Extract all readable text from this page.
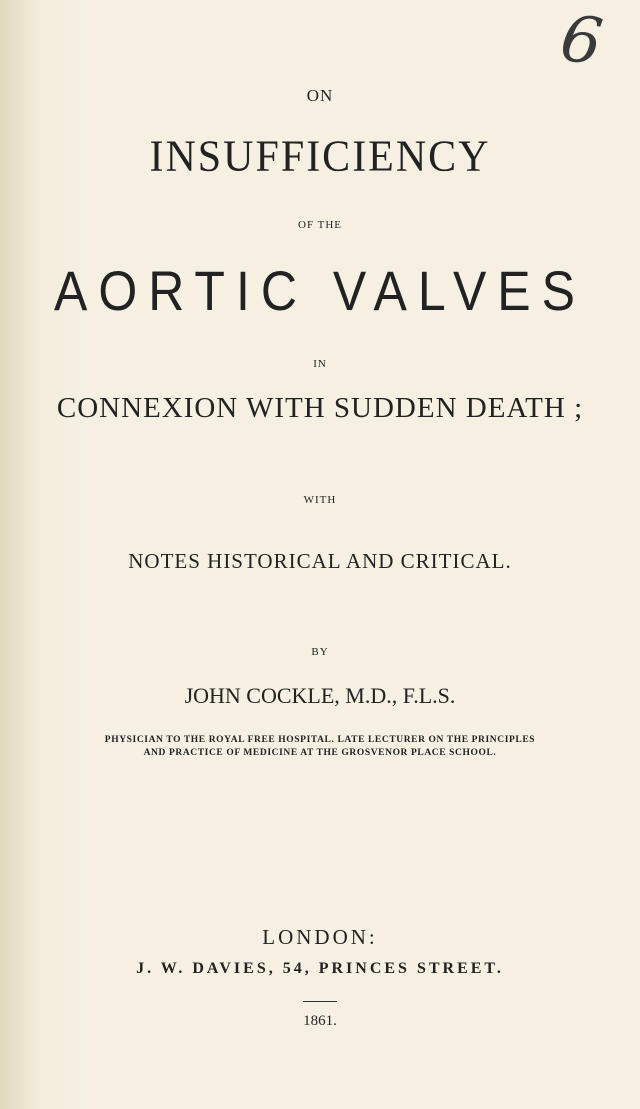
6
ON
INSUFFICIENCY
OF THE
AORTIC VALVES
IN
CONNEXION WITH SUDDEN DEATH ;
WITH
NOTES HISTORICAL AND CRITICAL.
BY
JOHN COCKLE, M.D., F.L.S.
PHYSICIAN TO THE ROYAL FREE HOSPITAL. LATE LECTURER ON THE PRINCIPLES
AND PRACTICE OF MEDICINE AT THE GROSVENOR PLACE SCHOOL.
LONDON:
J. W. DAVIES, 54, PRINCES STREET.
1861.
